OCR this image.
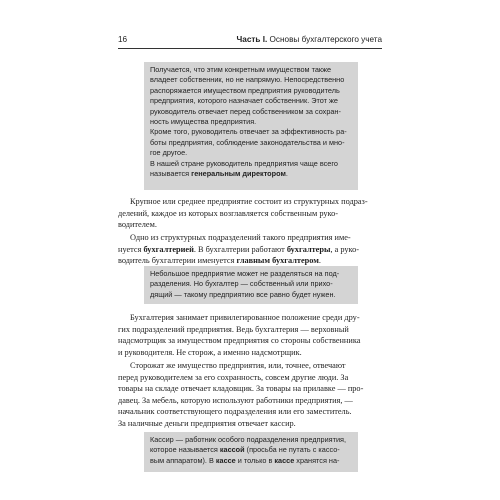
16	Часть I. Основы бухгалтерского учета
Получается, что этим конкретным имуществом также
владеет собственник, но не напрямую. Непосредственно
распоряжается имуществом предприятия руководитель
предприятия, которого назначает собственник. Этот же
руководитель отвечает перед собственником за сохран-
ность имущества предприятия.
Кроме того, руководитель отвечает за эффективность ра-
боты предприятия, соблюдение законодательства и мно-
гое другое.
В нашей стране руководитель предприятия чаще всего
называется генеральным директором.
Крупное или среднее предприятие состоит из структурных подраз-
делений, каждое из которых возглавляется собственным руко-
водителем.
Одно из структурных подразделений такого предприятия име-
нуется бухгалтерией. В бухгалтерии работают бухгалтеры, а руко-
водитель бухгалтерии именуется главным бухгалтером.
Небольшое предприятие может не разделяться на под-
разделения. Но бухгалтер — собственный или прихо-
дящий — такому предприятию все равно будет нужен.
Бухгалтерия занимает привилегированное положение среди дру-
гих подразделений предприятия. Ведь бухгалтерия — верховный
надсмотрщик за имуществом предприятия со стороны собственника
и руководителя. Не сторож, а именно надсмотрщик.
Сторожат же имущество предприятия, или, точнее, отвечают
перед руководителем за его сохранность, совсем другие люди. За
товары на складе отвечает кладовщик. За товары на прилавке — про-
давец. За мебель, которую используют работники предприятия, —
начальник соответствующего подразделения или его заместитель.
За наличные деньги предприятия отвечает кассир.
Кассир — работник особого подразделения предприятия,
которое называется кассой (просьба не путать с кассо-
вым аппаратом). В кассе и только в кассе хранятся на-
